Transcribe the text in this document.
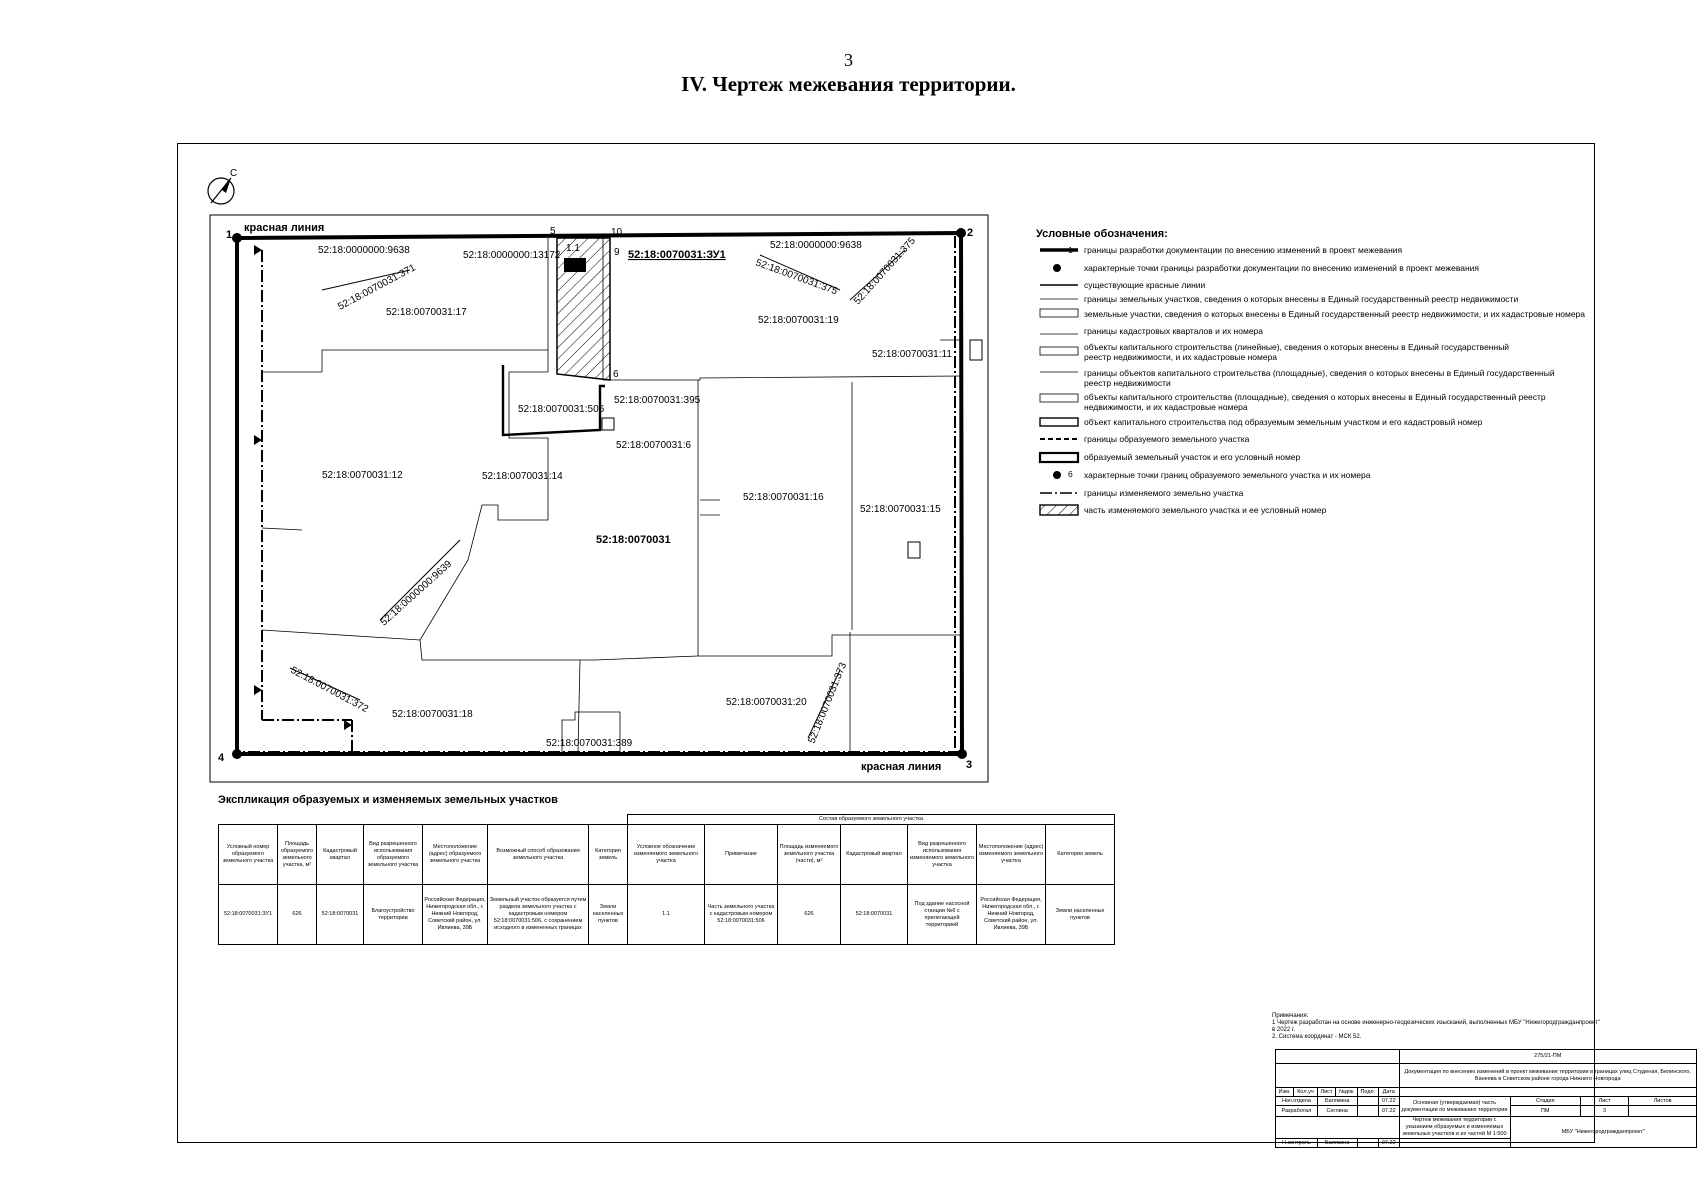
3
IV. Чертеж межевания территории.
С
красная линия
красная линия
1	2
3
4
5	10
9
6
1.1
52:18:0070031:ЗУ1
52:18:0000000:9638	52:18:0000000:9638
52:18:0000000:13172
52:18:0070031:371	52:18:0070031:375 52:18:0070031:375
52:18:0070031:17
52:18:0070031:19
52:18:0070031:11
52:18:0070031:506
52:18:0070031:395
52:18:0070031:6
52:18:0070031:12	52:18:0070031:14
52:18:0070031:16
52:18:0070031:15
52:18:0070031
52:18:0000000:9639
52:18:0070031:372 52:18:0070031:18
52:18:0070031:20 52:18:0070031:373
52:18:0070031:389
Условные обозначения:
1
6
границы разработки документации по внесению изменений в проект межевания
характерные точки границы разработки документации по внесению изменений в проект межевания
существующие красные линии
границы земельных участков, сведения о которых внесены в Единый государственный реестр недвижимости
земельные участки, сведения о которых внесены в Единый государственный реестр недвижимости, и их кадастровые номера
границы кадастровых кварталов и их номера
объекты капитального строительства (линейные), сведения о которых внесены в Единый государственный реестр недвижимости, и их кадастровые номера
границы объектов капитального строительства (площадные), сведения о которых внесены в Единый государственный реестр недвижимости
объекты капитального строительства (площадные), сведения о которых внесены в Единый государственный реестр недвижимости, и их кадастровые номера
объект капитального строительства под образуемым земельным участком и его кадастровый номер
границы образуемого земельного участка
образуемый земельный участок и его условный номер
характерные точки границ образуемого земельного участка и их номера
границы изменяемого земельно участка
часть изменяемого земельного участка и ее условный номер
Экспликация образуемых и изменяемых земельных участков
							Состав образуемого земельного участка						
Условный номер образуемого земельного участка	Площадь образуемого земельного участка, м²	Кадастровый квартал	Вид разрешенного использования образуемого земельного участка	Местоположение (адрес) образуемого земельного участка	Возможный способ образования земельного участка	Категория земель	Условное обозначение изменяемого земельного участка	Примечание	Площадь изменяемого земельного участка (части), м²	Кадастровый квартал	Вид разрешенного использования изменяемого земельного участка	Местоположение (адрес) изменяемого земельного участка	Категория земель
52:18:0070031:ЗУ1	626	52:18:0070031	Благоустройство территории	Российская Федерация, Нижегородская обл., г. Нижний Новгород, Советский район, ул. Ивлиева, 39Б	Земельный участок образуется путем раздела земельного участка с кадастровым номером 52:18:0070031:506, с сохранением исходного в измененных границах	Земли населенных пунктов	1.1	Часть земельного участка с кадастровым номером 52:18:0070031:506	626	52:18:0070031	Под здание насосной станции №6 с прилегающей территорией	Российская Федерация, Нижегородская обл., г. Нижний Новгород, Советский район, ул. Ивлиева, 39Б	Земли населенных пунктов
Примечания:
1 Чертеж разработан на основе инженерно-геодезических изысканий, выполненных МБУ "Нижегородгражданпроект" в 2022 г.
2. Система координат - МСК 52.
						275/21-ПМ			
						Документация по внесению изменений в проект межевания территории в границах улиц Студеная, Белинского, Ванеева в Советском районе города Нижнего Новгорода			
Изм.	Кол.уч	Лист	№док	Подп.	Дата				
Нач.отдела		Балякина			07.22	Основная (утверждаемая) часть документации по межеванию территории	Стадия	Лист	Листов
Разработал		Сеглина			07.22		ПМ	3	
						Чертеж межевания территории с указанием образуемых и изменяемых земельных участков и их частей М 1:500	МБУ "Нижегородгражданпроект"		
Н.контроль		Балякина			07.22				
